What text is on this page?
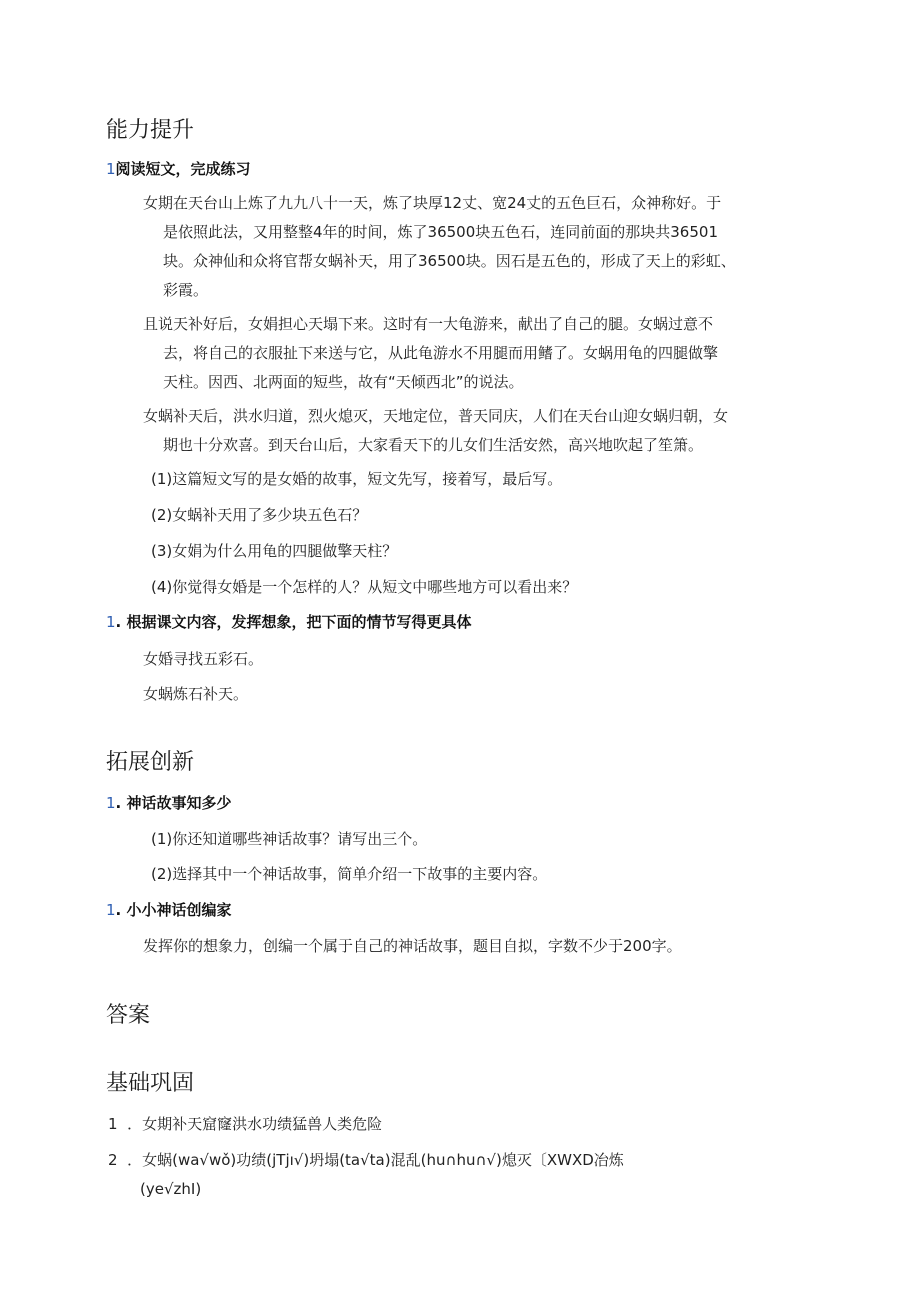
能力提升
1阅读短文，完成练习
女期在天台山上炼了九九八十一天，炼了块厚12丈、宽24丈的五色巨石，众神称好。于
是依照此法，又用整整4年的时间，炼了36500块五色石，连同前面的那块共36501
块。众神仙和众将官帮女蜗补天，用了36500块。因石是五色的，形成了天上的彩虹、
彩霞。
且说天补好后，女娟担心天塌下来。这时有一大龟游来，献出了自己的腿。女蜗过意不
去，将自己的衣服扯下来送与它，从此龟游水不用腿而用鳍了。女蜗用龟的四腿做擎
天柱。因西、北两面的短些，故有“天倾西北”的说法。
女蜗补天后，洪水归道，烈火熄灭，天地定位，普天同庆，人们在天台山迎女蜗归朝，女
期也十分欢喜。到天台山后，大家看天下的儿女们生活安然，高兴地吹起了笙箫。
(1)这篇短文写的是女婚的故事，短文先写，接着写，最后写。
(2)女蜗补天用了多少块五色石？
(3)女娟为什么用龟的四腿做擎天柱？
(4)你觉得女婚是一个怎样的人？从短文中哪些地方可以看出来？
1. 根据课文内容，发挥想象，把下面的情节写得更具体
女婚寻找五彩石。
女蜗炼石补天。
拓展创新
1. 神话故事知多少
(1)你还知道哪些神话故事？请写出三个。
(2)选择其中一个神话故事，简单介绍一下故事的主要内容。
1. 小小神话创编家
发挥你的想象力，创编一个属于自己的神话故事，题目自拟，字数不少于200字。
答案
基础巩固
1 ．女期补天窟窿洪水功绩猛兽人类危险
2 ．女蜗(wa√wǒ)功绩(jTjı√)坍塌(ta√ta)混乱(hu∩hu∩√)熄灭〔XWXD冶炼
(ye√zhI)
